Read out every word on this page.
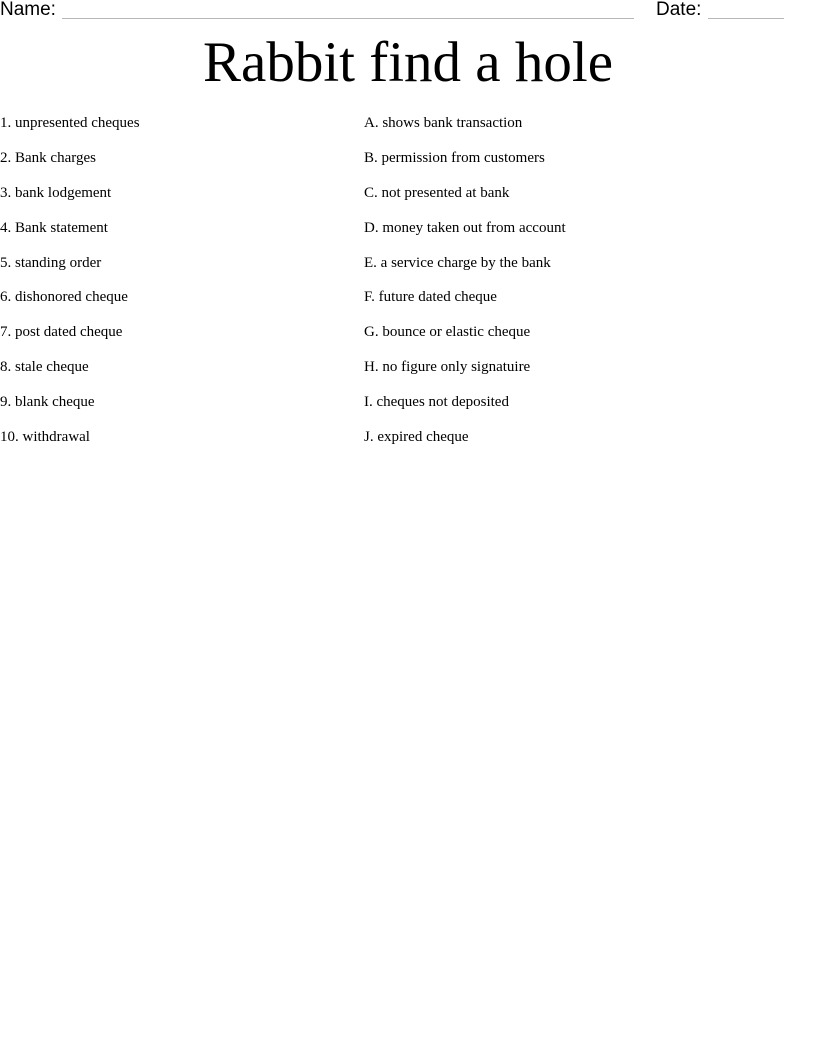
Name:	Date:
Rabbit find a hole
1. unpresented cheques
2. Bank charges
3. bank lodgement
4. Bank statement
5. standing order
6. dishonored cheque
7. post dated cheque
8. stale cheque
9. blank cheque
10. withdrawal
A. shows bank transaction
B. permission from customers
C. not presented at bank
D. money taken out from account
E. a service charge by the bank
F. future dated cheque
G. bounce or elastic cheque
H. no figure only signatuire
I. cheques not deposited
J. expired cheque
